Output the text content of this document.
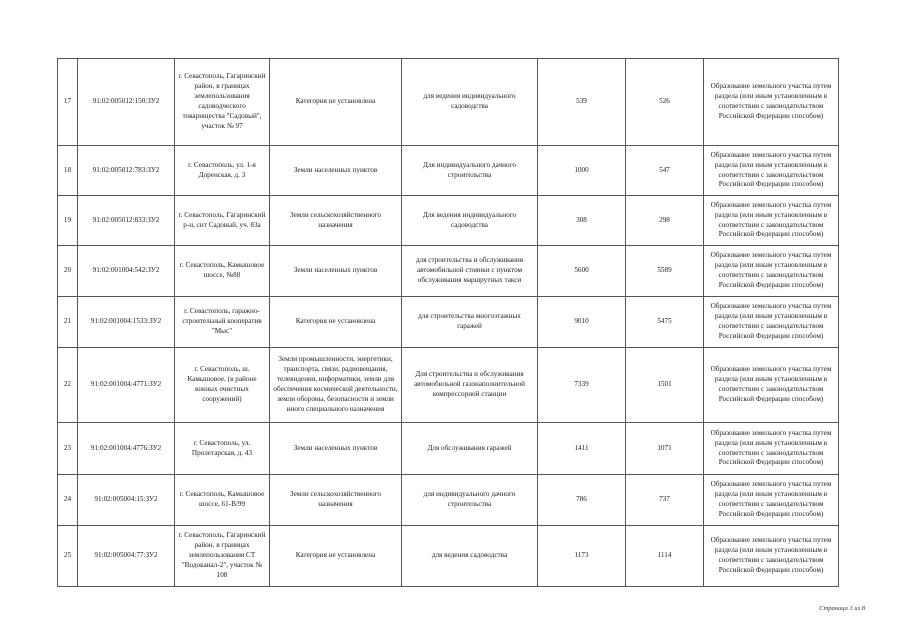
17	91:02:005012:150:ЗУ2	г. Севастополь, Гагаринский район, в границах землепользования садоводческого товарищества "Садовый", участок № 97	Категория не установлена	для ведения индивидуального садоводства	539	526	Образование земельного участка путем раздела (или иным установленным в соответствии с законодательством Российской Федерации способом)
18	91:02:005012:783:ЗУ2	г. Севастополь, ул. 1-я Доренская, д. 3	Земли населенных пунктов	Для индивидуального дачного строительства	1000	547	Образование земельного участка путем раздела (или иным установленным в соответствии с законодательством Российской Федерации способом)
19	91:02:005012:833:ЗУ2	г. Севастополь, Гагаринский р-н, снт Садовый, уч. 83а	Земли сельскохозяйственного назначения	Для ведения индивидуального садоводства	308	298	Образование земельного участка путем раздела (или иным установленным в соответствии с законодательством Российской Федерации способом)
20	91:02:001004:542:ЗУ2	г. Севастополь, Камышовое шоссе, №80	Земли населенных пунктов	для строительства и обслуживания автомобильной стоянки с пунктом обслуживания маршрутных такси	5600	5589	Образование земельного участка путем раздела (или иным установленным в соответствии с законодательством Российской Федерации способом)
21	91:02:001004:1533:ЗУ2	г. Севастополь, гаражно-строительный кооператив "Мыс"	Категория не установлена	для строительства многоэтажных гаражей	9010	5475	Образование земельного участка путем раздела (или иным установленным в соответствии с законодательством Российской Федерации способом)
22	91:02:001004:4771:ЗУ2	г. Севастополь, ш. Камышовое, (в районе южных очистных сооружений)	Земли промышленности, энергетики, транспорта, связи, радиовещания, телевидения, информатики, земли для обеспечения космической деятельности, земли обороны, безопасности и земли иного специального назначения	Для строительства и обслуживания автомобильной газонаполнительной компрессорной станции	7339	1501	Образование земельного участка путем раздела (или иным установленным в соответствии с законодательством Российской Федерации способом)
23	91:02:001004:4776:ЗУ2	г. Севастополь, ул. Пролетарская, д. 43	Земли населенных пунктов	Для обслуживания гаражей	1411	1071	Образование земельного участка путем раздела (или иным установленным в соответствии с законодательством Российской Федерации способом)
24	91:02:005004:15:ЗУ2	г. Севастополь, Камышовое шоссе, 61-В/99	Земли сельскохозяйственного назначения	для индивидуального дачного строительства	786	737	Образование земельного участка путем раздела (или иным установленным в соответствии с законодательством Российской Федерации способом)
25	91:02:005004:77:ЗУ2	г. Севастополь, Гагаринский район, в границах землепользования СТ "Водоканал-2", участок № 108	Категория не установлена	для ведения садоводства	1173	1114	Образование земельного участка путем раздела (или иным установленным в соответствии с законодательством Российской Федерации способом)
Страница 3 из 8
